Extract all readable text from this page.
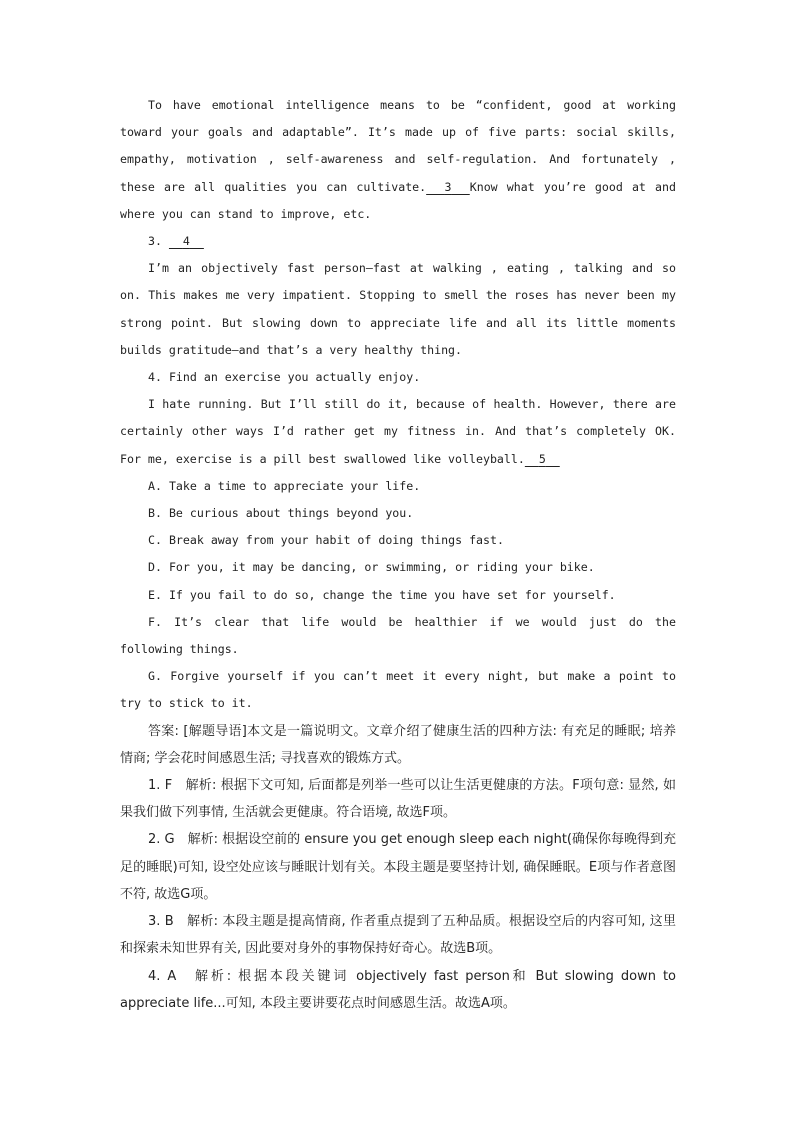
To have emotional intelligence means to be “confident, good at working toward your goals and adaptable”. It’s made up of five parts: social skills, empathy, motivation , self-awareness and self-regulation. And fortunately , these are all qualities you can cultivate. 3 Know what you’re good at and where you can stand to improve, etc.

3.   4

I’m an objectively fast person—fast at walking , eating , talking and so on. This makes me very impatient. Stopping to smell the roses has never been my strong point. But slowing down to appreciate life and all its little moments builds gratitude—and that’s a very healthy thing.

4. Find an exercise you actually enjoy.

I hate running. But I’ll still do it, because of health. However, there are certainly other ways I’d rather get my fitness in. And that’s completely OK. For me, exercise is a pill best swallowed like volleyball. 5

A. Take a time to appreciate your life.

B. Be curious about things beyond you.

C. Break away from your habit of doing things fast.

D. For you, it may be dancing, or swimming, or riding your bike.

E. If you fail to do so, change the time you have set for yourself.

F. It’s clear that life would be healthier if we would just do the following things.

G. Forgive yourself if you can’t meet it every night, but make a point to try to stick to it.

答案: [解题导语]本文是一篇说明文。文章介绍了健康生活的四种方法: 有充足的睡眠; 培养情商; 学会花时间感恩生活; 寻找喜欢的锻炼方式。

1. F　解析: 根据下文可知, 后面都是列举一些可以让生活更健康的方法。F项句意: 显然, 如果我们做下列事情, 生活就会更健康。符合语境, 故选F项。

2. G　解析: 根据设空前的 ensure you get enough sleep each night(确保你每晚得到充足的睡眠)可知, 设空处应该与睡眠计划有关。本段主题是要坚持计划, 确保睡眠。E项与作者意图不符, 故选G项。

3. B　解析: 本段主题是提高情商, 作者重点提到了五种品质。根据设空后的内容可知, 这里和探索未知世界有关, 因此要对身外的事物保持好奇心。故选B项。

4. A　解析: 根据本段关键词 objectively fast person和 But slowing down to appreciate life...可知, 本段主要讲要花点时间感恩生活。故选A项。
